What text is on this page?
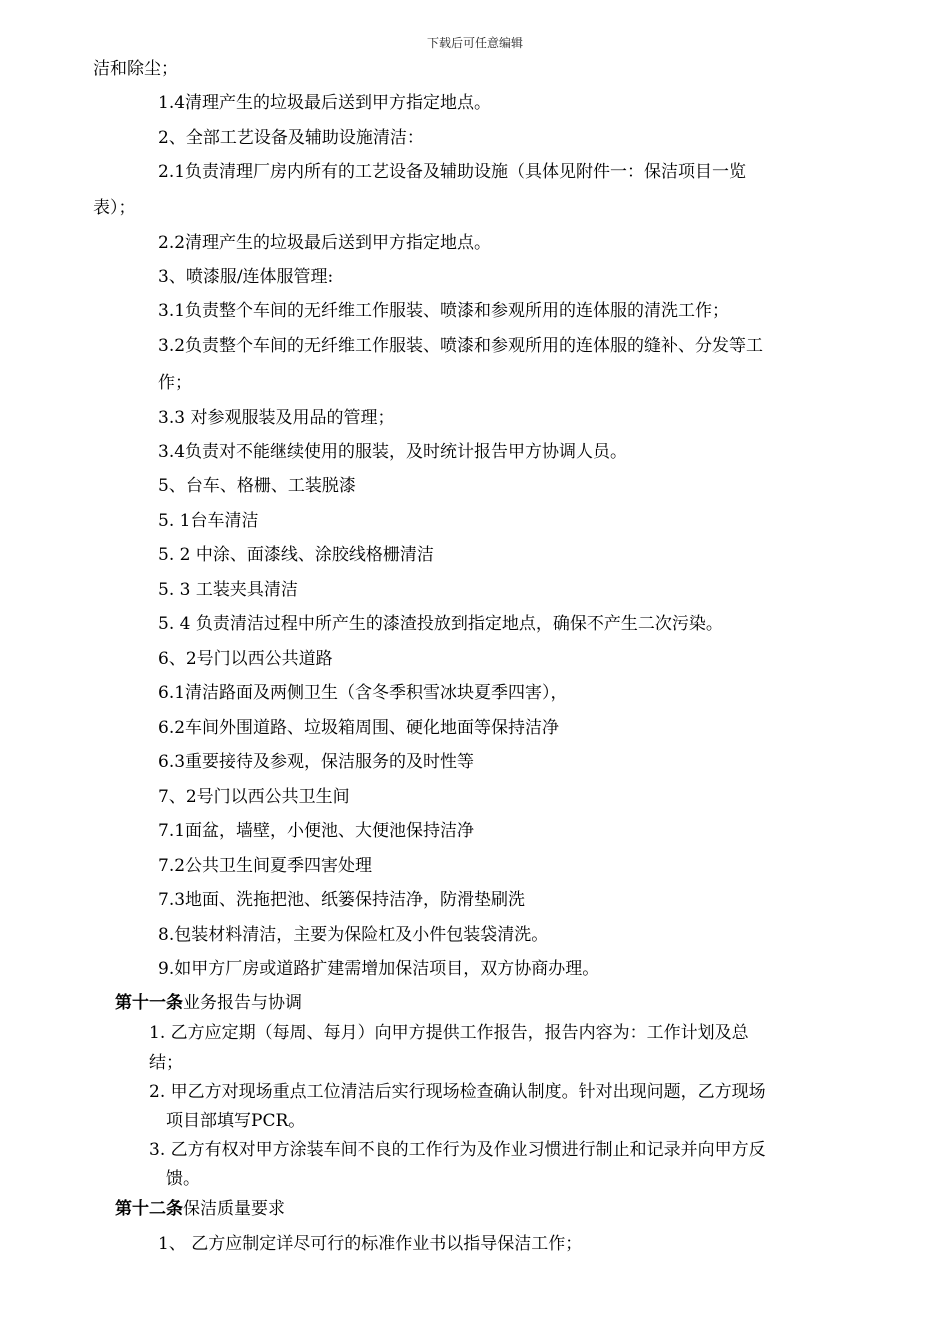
下载后可任意编辑
洁和除尘；
1.4清理产生的垃圾最后送到甲方指定地点。
2、全部工艺设备及辅助设施清洁：
2.1负责清理厂房内所有的工艺设备及辅助设施（具体见附件一：保洁项目一览
表）；
2.2清理产生的垃圾最后送到甲方指定地点。
3、喷漆服/连体服管理:
3.1负责整个车间的无纤维工作服装、喷漆和参观所用的连体服的清洗工作；
3.2负责整个车间的无纤维工作服装、喷漆和参观所用的连体服的缝补、分发等工
作；
3.3 对参观服装及用品的管理；
3.4负责对不能继续使用的服装，及时统计报告甲方协调人员。
5、台车、格栅、工装脱漆
5. 1台车清洁
5. 2 中涂、面漆线、涂胶线格栅清洁
5. 3 工装夹具清洁
5. 4 负责清洁过程中所产生的漆渣投放到指定地点，确保不产生二次污染。
6、2号门以西公共道路
6.1清洁路面及两侧卫生（含冬季积雪冰块夏季四害），
6.2车间外围道路、垃圾箱周围、硬化地面等保持洁净
6.3重要接待及参观，保洁服务的及时性等
7、2号门以西公共卫生间
7.1面盆，墙壁，小便池、大便池保持洁净
7.2公共卫生间夏季四害处理
7.3地面、洗拖把池、纸篓保持洁净，防滑垫刷洗
8.包装材料清洁，主要为保险杠及小件包装袋清洗。
9.如甲方厂房或道路扩建需增加保洁项目，双方协商办理。
第十一条业务报告与协调
1. 乙方应定期（每周、每月）向甲方提供工作报告，报告内容为：工作计划及总
结；
2. 甲乙方对现场重点工位清洁后实行现场检查确认制度。针对出现问题，乙方现场
项目部填写PCR。
3. 乙方有权对甲方涂装车间不良的工作行为及作业习惯进行制止和记录并向甲方反
馈。
第十二条保洁质量要求
1、 乙方应制定详尽可行的标准作业书以指导保洁工作；
